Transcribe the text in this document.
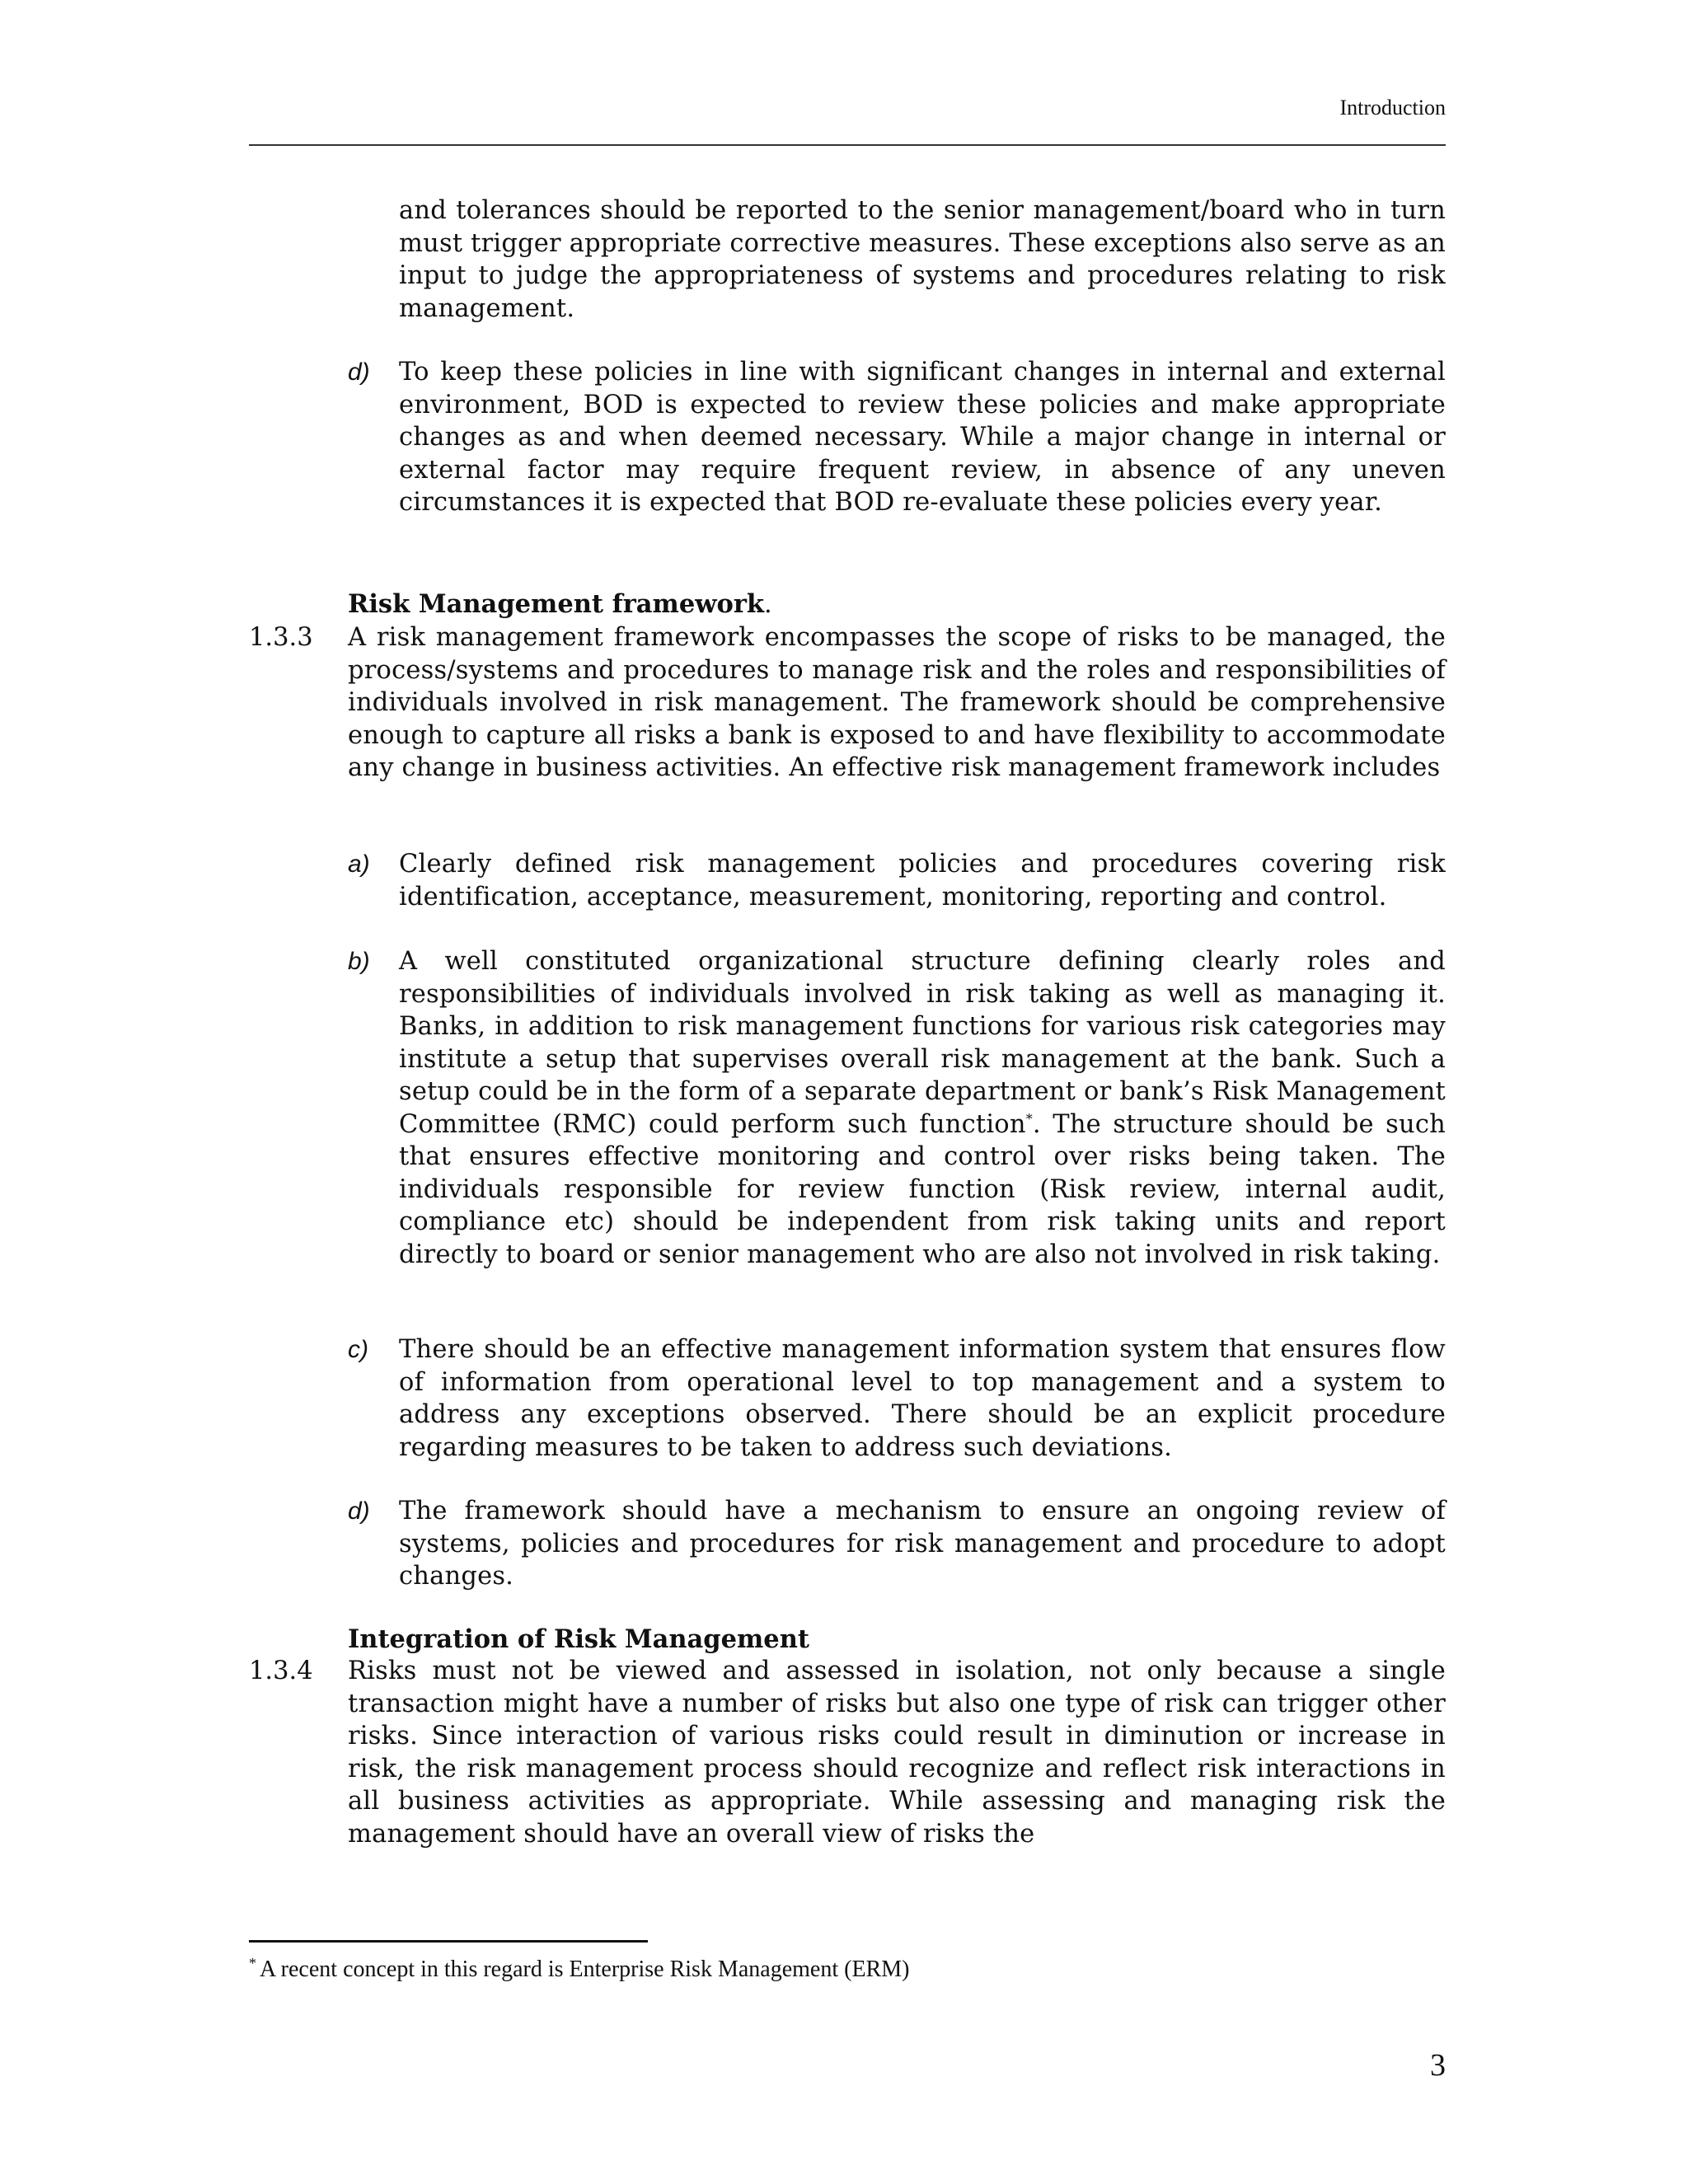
Introduction

and tolerances should be reported to the senior management/board who in turn must trigger appropriate corrective measures. These exceptions also serve as an input to judge the appropriateness of systems and procedures relating to risk management.

d) To keep these policies in line with significant changes in internal and external environment, BOD is expected to review these policies and make appropriate changes as and when deemed necessary. While a major change in internal or external factor may require frequent review, in absence of any uneven circumstances it is expected that BOD re-evaluate these policies every year.

Risk Management framework.
1.3.3 A risk management framework encompasses the scope of risks to be managed, the process/systems and procedures to manage risk and the roles and responsibilities of individuals involved in risk management. The framework should be comprehensive enough to capture all risks a bank is exposed to and have flexibility to accommodate any change in business activities. An effective risk management framework includes

a) Clearly defined risk management policies and procedures covering risk identification, acceptance, measurement, monitoring, reporting and control.

b) A well constituted organizational structure defining clearly roles and responsibilities of individuals involved in risk taking as well as managing it. Banks, in addition to risk management functions for various risk categories may institute a setup that supervises overall risk management at the bank. Such a setup could be in the form of a separate department or bank’s Risk Management Committee (RMC) could perform such function*. The structure should be such that ensures effective monitoring and control over risks being taken. The individuals responsible for review function (Risk review, internal audit, compliance etc) should be independent from risk taking units and report directly to board or senior management who are also not involved in risk taking.

c) There should be an effective management information system that ensures flow of information from operational level to top management and a system to address any exceptions observed. There should be an explicit procedure regarding measures to be taken to address such deviations.

d) The framework should have a mechanism to ensure an ongoing review of systems, policies and procedures for risk management and procedure to adopt changes.

Integration of Risk Management
1.3.4 Risks must not be viewed and assessed in isolation, not only because a single transaction might have a number of risks but also one type of risk can trigger other risks. Since interaction of various risks could result in diminution or increase in risk, the risk management process should recognize and reflect risk interactions in all business activities as appropriate. While assessing and managing risk the management should have an overall view of risks the

* A recent concept in this regard is Enterprise Risk Management (ERM)
3
